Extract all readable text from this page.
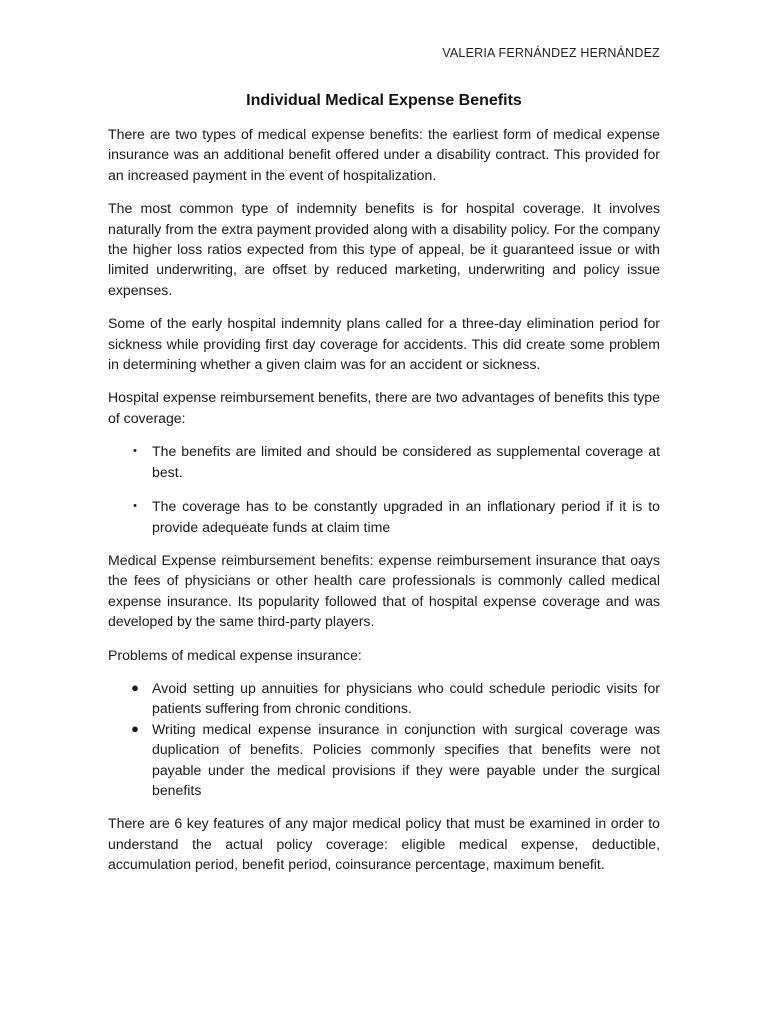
VALERIA FERNÁNDEZ HERNÁNDEZ
Individual Medical Expense Benefits

There are two types of medical expense benefits: the earliest form of medical expense insurance was an additional benefit offered under a disability contract. This provided for an increased payment in the event of hospitalization.

The most common type of indemnity benefits is for hospital coverage. It involves naturally from the extra payment provided along with a disability policy. For the company the higher loss ratios expected from this type of appeal, be it guaranteed issue or with limited underwriting, are offset by reduced marketing, underwriting and policy issue expenses.

Some of the early hospital indemnity plans called for a three-day elimination period for sickness while providing first day coverage for accidents. This did create some problem in determining whether a given claim was for an accident or sickness.

Hospital expense reimbursement benefits, there are two advantages of benefits this type of coverage:

•	The benefits are limited and should be considered as supplemental coverage at best.
•	The coverage has to be constantly upgraded in an inflationary period if it is to provide adequeate funds at claim time

Medical Expense reimbursement benefits: expense reimbursement insurance that oays the fees of physicians or other health care professionals is commonly called medical expense insurance. Its popularity followed that of hospital expense coverage and was developed by the same third-party players.

Problems of medical expense insurance:

● Avoid setting up annuities for physicians who could schedule periodic visits for patients suffering from chronic conditions.
● Writing medical expense insurance in conjunction with surgical coverage was duplication of benefits. Policies commonly specifies that benefits were not payable under the medical provisions if they were payable under the surgical benefits

There are 6 key features of any major medical policy that must be examined in order to understand the actual policy coverage: eligible medical expense, deductible, accumulation period, benefit period, coinsurance percentage, maximum benefit.
